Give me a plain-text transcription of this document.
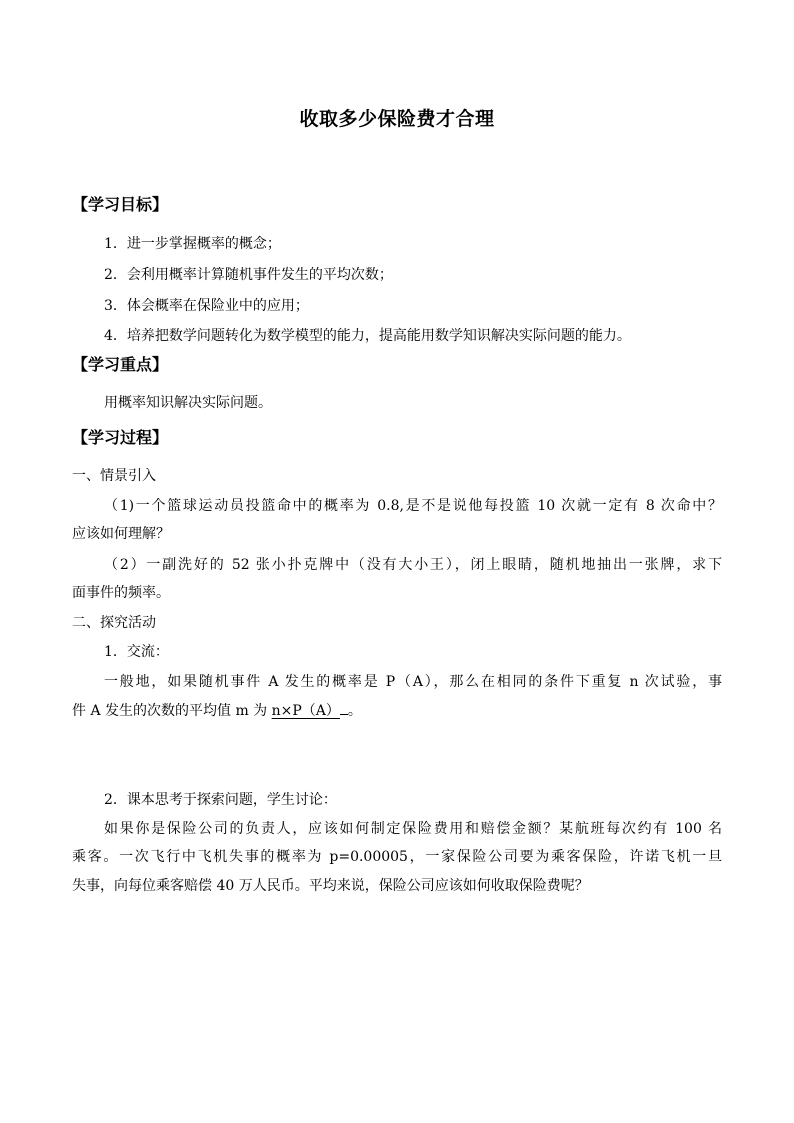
收取多少保险费才合理
【学习目标】
1．进一步掌握概率的概念；
2．会利用概率计算随机事件发生的平均次数；
3．体会概率在保险业中的应用；
4．培养把数学问题转化为数学模型的能力，提高能用数学知识解决实际问题的能力。
【学习重点】
用概率知识解决实际问题。
【学习过程】
一、情景引入
（1)一个篮球运动员投篮命中的概率为 0.8,是不是说他每投篮 10 次就一定有 8 次命中？
应该如何理解？
（2）一副洗好的 52 张小扑克牌中（没有大小王），闭上眼睛，随机地抽出一张牌，求下
面事件的频率。
二、探究活动
1．交流：
一般地，如果随机事件 A 发生的概率是 P（A），那么在相同的条件下重复 n 次试验，事
件 A 发生的次数的平均值 m 为 n×P（A） 。
2．课本思考于探索问题，学生讨论：
如果你是保险公司的负责人，应该如何制定保险费用和赔偿金额？某航班每次约有 100 名
乘客。一次飞行中飞机失事的概率为 p=0.00005，一家保险公司要为乘客保险，许诺飞机一旦
失事，向每位乘客赔偿 40 万人民币。平均来说，保险公司应该如何收取保险费呢？
